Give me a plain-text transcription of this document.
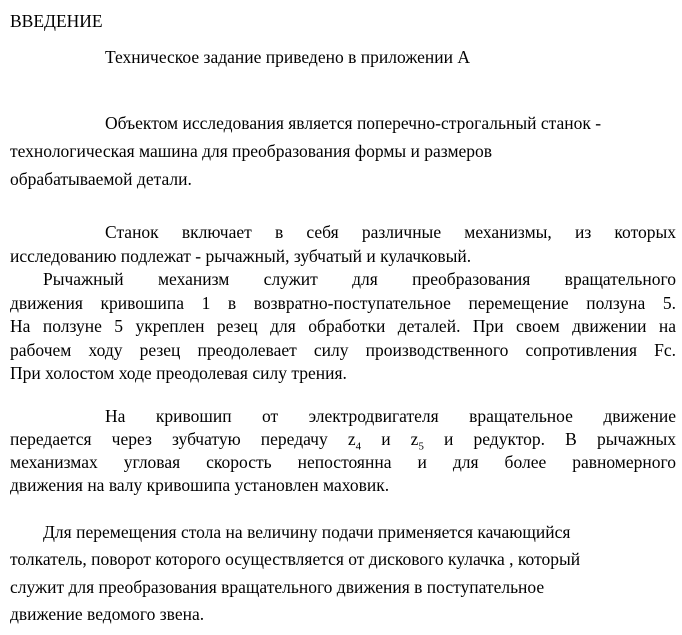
ВВЕДЕНИЕ
Техническое задание приведено в приложении А
Объектом исследования является поперечно-строгальный станок -
технологическая машина для преобразования формы и размеров
обрабатываемой детали.
Станок включает в себя различные механизмы, из которых
исследованию подлежат - рычажный, зубчатый и кулачковый.
Рычажный механизм служит для преобразования вращательного
движения кривошипа 1 в возвратно-поступательное перемещение ползуна 5.
На ползуне 5 укреплен резец для обработки деталей. При своем движении на
рабочем ходу резец преодолевает силу производственного сопротивления Fc.
При холостом ходе преодолевая силу трения.
На кривошип от электродвигателя вращательное движение
передается через зубчатую передачу $z_4$ и $z_5$ и редуктор. В рычажных
механизмах угловая скорость непостоянна и для более равномерного
движения на валу кривошипа установлен маховик.
Для перемещения стола на величину подачи применяется качающийся
толкатель, поворот которого осуществляется от дискового кулачка , который
служит для преобразования вращательного движения в поступательное
движение ведомого звена.
